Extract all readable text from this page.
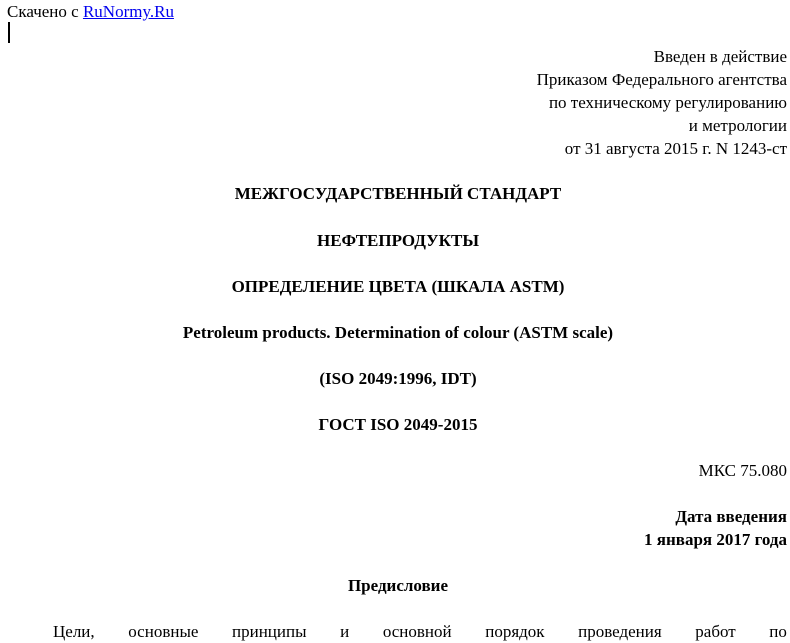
Скачено с RuNormy.Ru
Введен в действие
Приказом Федерального агентства
по техническому регулированию
и метрологии
от 31 августа 2015 г. N 1243-ст
МЕЖГОСУДАРСТВЕННЫЙ СТАНДАРТ
НЕФТЕПРОДУКТЫ
ОПРЕДЕЛЕНИЕ ЦВЕТА (ШКАЛА ASTM)
Petroleum products. Determination of colour (ASTM scale)
(ISO 2049:1996, IDT)
ГОСТ ISO 2049-2015
МКС 75.080
Дата введения
1 января 2017 года
Предисловие
Цели, основные принципы и основной порядок проведения работ по
